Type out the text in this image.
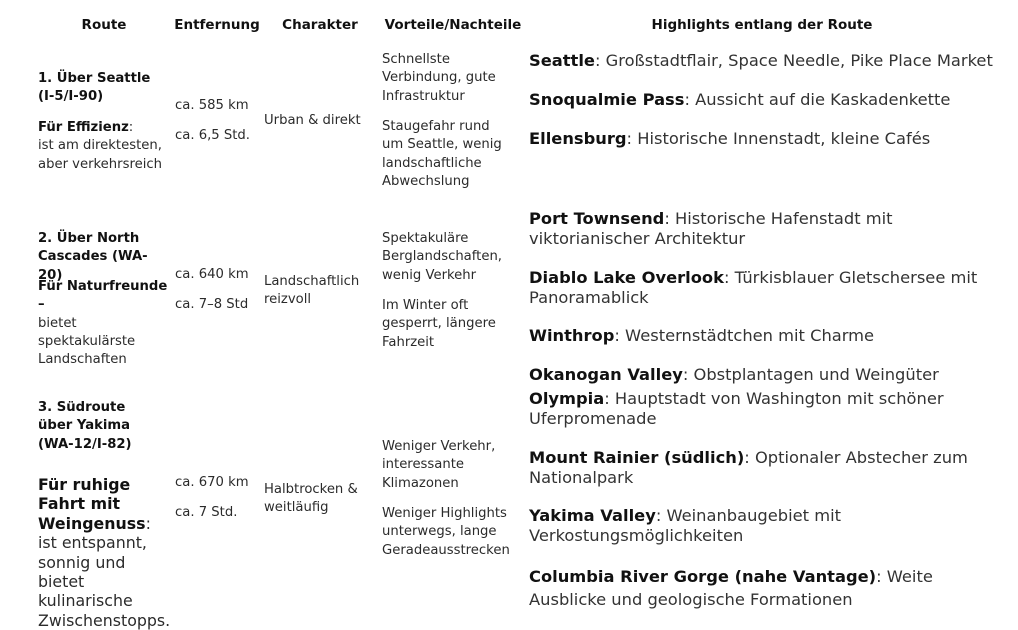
Route	Entfernung Charakter Vorteile/Nachteile	Highlights entlang der Route
1. Über Seattle (I-5/I-90)
Für Effizienz:
ist am direktesten, aber verkehrsreich
ca. 585 km
ca. 6,5 Std.
Urban & direkt
Schnellste Verbindung, gute Infrastruktur
Staugefahr rund um Seattle, wenig landschaftliche Abwechslung
Seattle: Großstadtflair, Space Needle, Pike Place Market
Snoqualmie Pass: Aussicht auf die Kaskadenkette
Ellensburg: Historische Innenstadt, kleine Cafés
2. Über North Cascades (WA-20)
Für Naturfreunde –
bietet spektakulärste Landschaften
ca. 640 km
ca. 7–8 Std
Landschaftlich reizvoll
Spektakuläre Berglandschaften, wenig Verkehr
Im Winter oft gesperrt, längere Fahrzeit
Port Townsend: Historische Hafenstadt mit viktorianischer Architektur
Diablo Lake Overlook: Türkisblauer Gletschersee mit Panoramablick
Winthrop: Westernstädtchen mit Charme
Okanogan Valley: Obstplantagen und Weingüter
3. Südroute über Yakima (WA-12/I-82)
Für ruhige Fahrt mit Weingenuss:
ist entspannt, sonnig und bietet kulinarische Zwischenstopps.
ca. 670 km
ca. 7 Std.
Halbtrocken & weitläufig
Weniger Verkehr, interessante Klimazonen
Weniger Highlights unterwegs, lange Geradeausstrecken
Olympia: Hauptstadt von Washington mit schöner Uferpromenade
Mount Rainier (südlich): Optionaler Abstecher zum Nationalpark
Yakima Valley: Weinanbaugebiet mit Verkostungsmöglichkeiten
Columbia River Gorge (nahe Vantage): Weite Ausblicke und geologische Formationen
